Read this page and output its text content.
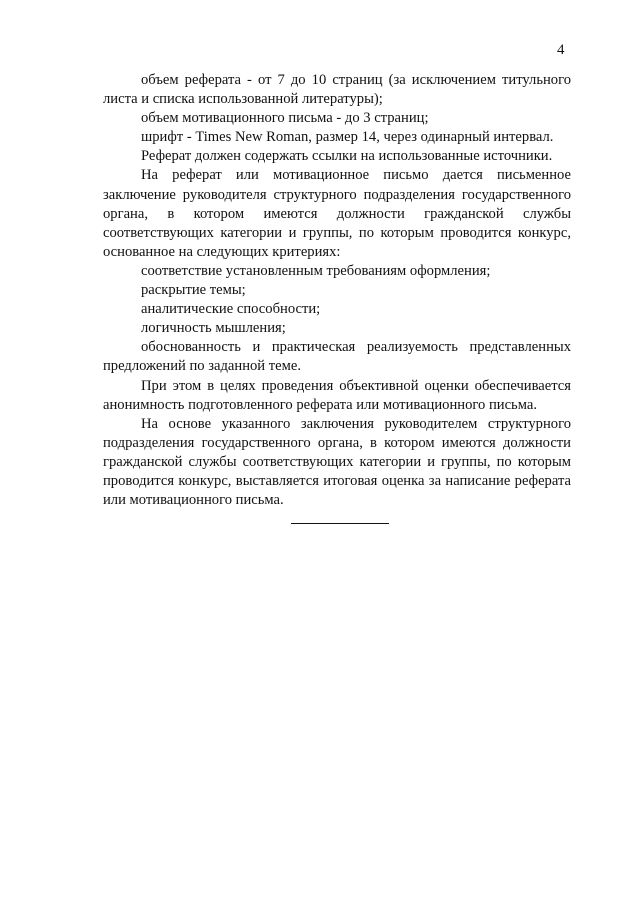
4

объем реферата - от 7 до 10 страниц (за исключением титульного листа и списка использованной литературы);

объем мотивационного письма - до 3 страниц;

шрифт - Times New Roman, размер 14, через одинарный интервал.

Реферат должен содержать ссылки на использованные источники.

На реферат или мотивационное письмо дается письменное заключение руководителя структурного подразделения государственного органа, в котором имеются должности гражданской службы соответствующих категории и группы, по которым проводится конкурс, основанное на следующих критериях:

соответствие установленным требованиям оформления;

раскрытие темы;

аналитические способности;

логичность мышления;

обоснованность и практическая реализуемость представленных предложений по заданной теме.

При этом в целях проведения объективной оценки обеспечивается анонимность подготовленного реферата или мотивационного письма.

На основе указанного заключения руководителем структурного подразделения государственного органа, в котором имеются должности гражданской службы соответствующих категории и группы, по которым проводится конкурс, выставляется итоговая оценка за написание реферата или мотивационного письма.
